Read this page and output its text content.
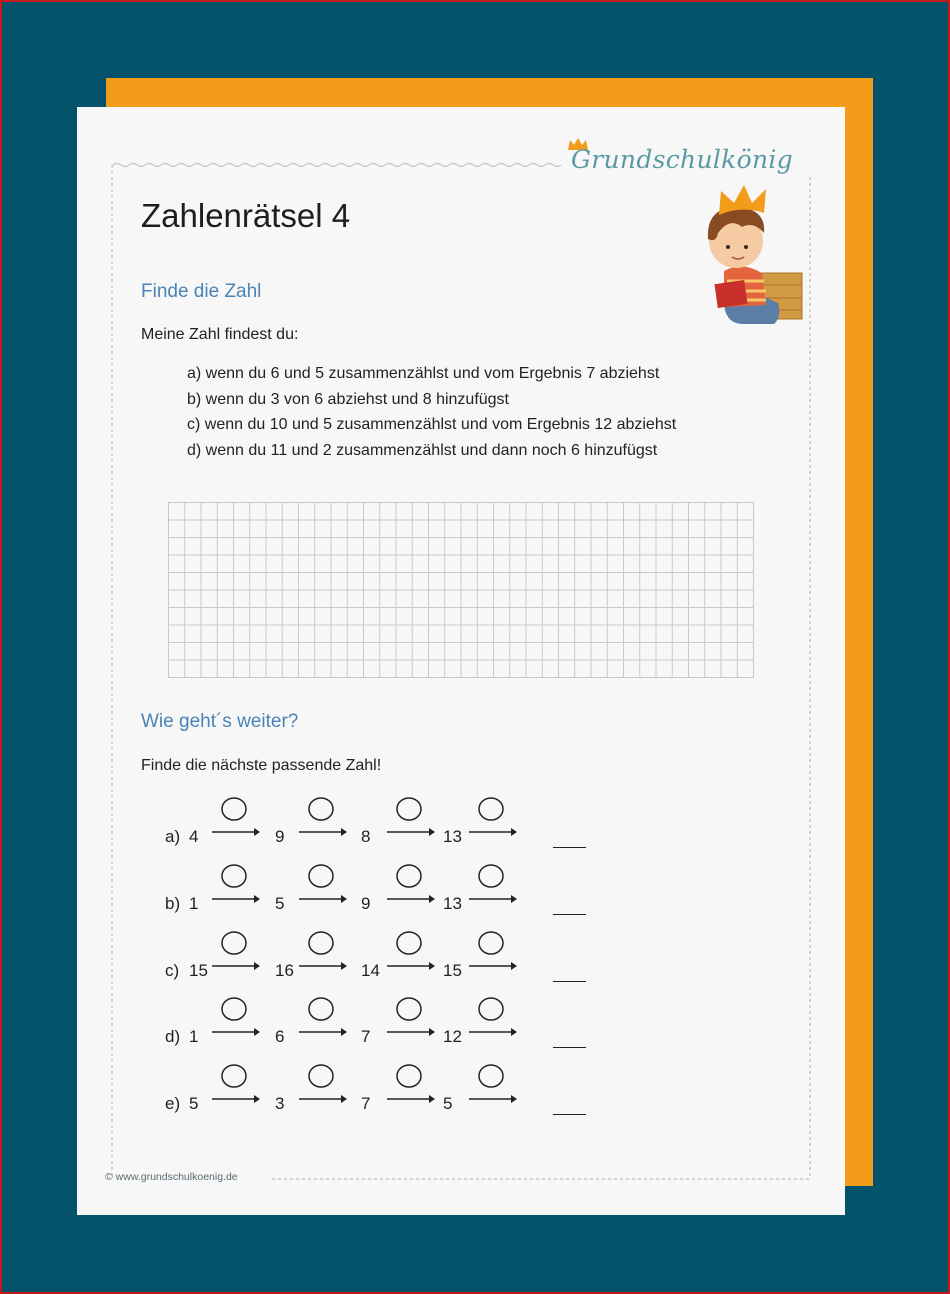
Grundschulkönig
Zahlenrätsel 4
Finde die Zahl
Meine Zahl findest du:
a) wenn du 6 und 5 zusammenzählst und vom Ergebnis 7 abziehst
b) wenn du 3 von 6 abziehst und 8 hinzufügst
c) wenn du 10 und 5 zusammenzählst und vom Ergebnis 12 abziehst
d) wenn du 11 und 2 zusammenzählst und dann noch 6 hinzufügst
Wie geht´s weiter?
Finde die nächste passende Zahl!
a) 4	9	8	13
b) 1	5	9	13
c) 15	16	14	15
d) 1	6	7	12
e) 5	3	7	5
© www.grundschulkoenig.de
